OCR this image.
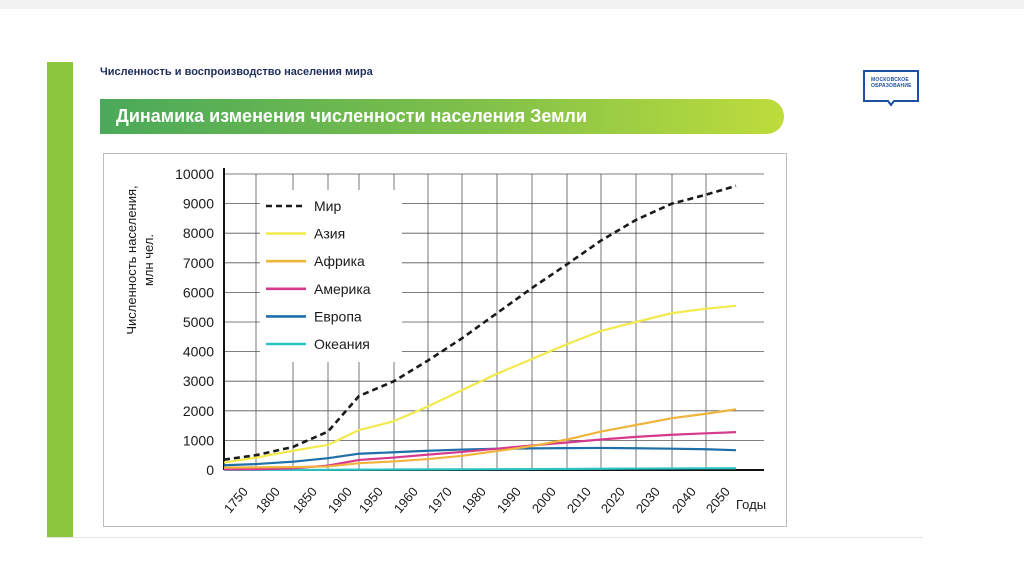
Численность и воспроизводство населения мира
Динамика изменения численности населения Земли
МОСКОВСКОЕ
ОБРАЗОВАНИЕ
0
1000
2000
3000
4000
5000
6000
7000
8000
9000
10000
1750 1800 1850 1900 1950 1960 1970 1980 1990 2000 2010 2020 2030 2040 2050
Мир
Азия
Африка
Америка
Европа
Океания
Годы
Численность населения, млн чел.
